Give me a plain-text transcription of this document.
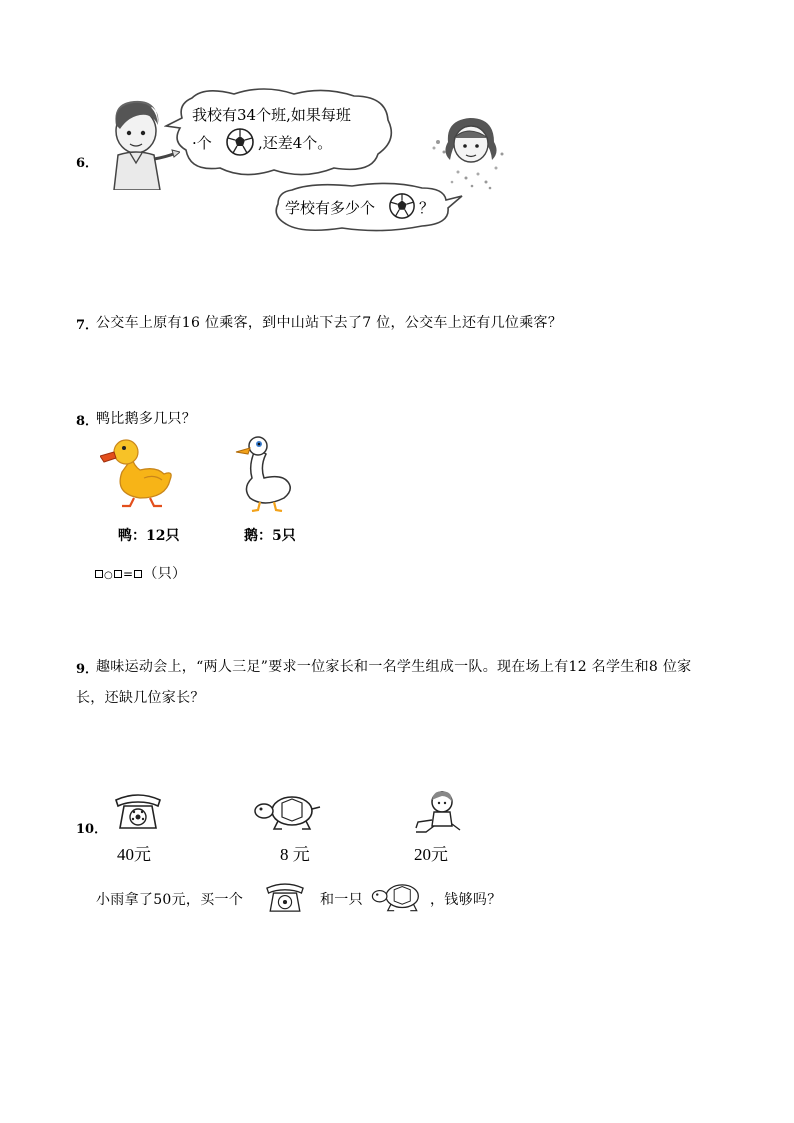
6．
我校有34个班,如果每班
·个	,还差4个。
学校有多少个	？
7．
公交车上原有16 位乘客，到中山站下去了7 位，公交车上还有几位乘客？
8．
鸭比鹅多几只？
鸭：12只	鹅：5只
○ = （只）
9．
趣味运动会上，“两人三足”要求一位家长和一名学生组成一队。现在场上有12 名学生和8 位家
长，还缺几位家长？
10．
40元	8 元	20元
小雨拿了50元，买一个	和一只	，钱够吗？
